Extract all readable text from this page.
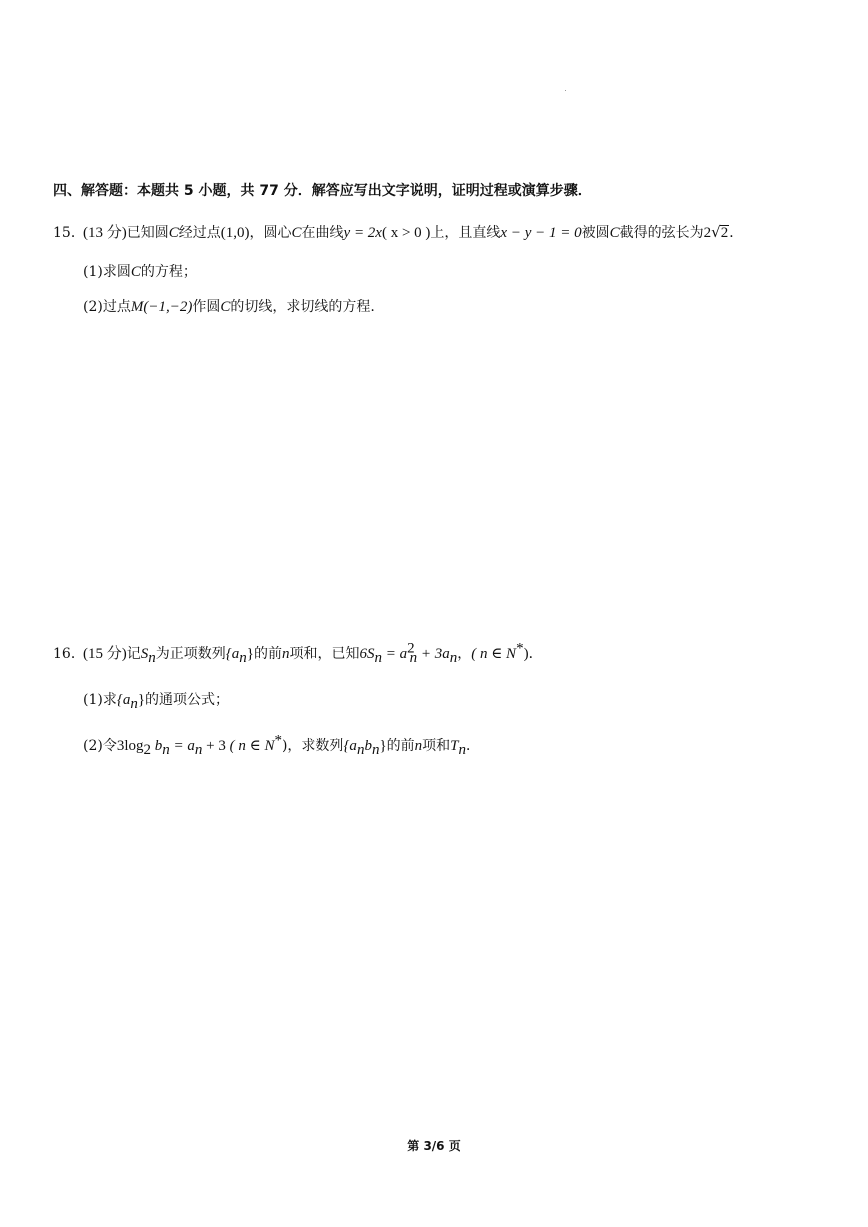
四、解答题：本题共 5 小题，共 77 分．解答应写出文字说明，证明过程或演算步骤．
15．(13 分)已知圆C经过点(1,0)，圆心C在曲线y = 2x( x > 0 )上，且直线x − y − 1 = 0被圆C截得的弦长为2√2．
(1)求圆C的方程；
(2)过点M(−1,−2)作圆C的切线，求切线的方程.
16．(15 分)记$S_n$为正项数列$\{a_n\}$的前n项和，已知$6S_n = a^2_n + 3a_n$，( n ∈ N*)．
(1)求$\{a_n\}$的通项公式；
(2)令$3\log_2$ $b_n = a_n + 3$ ( n ∈ N*)，求数列$\{a_nb_n\}$的前n项和$T_n$．
第 3/6 页
